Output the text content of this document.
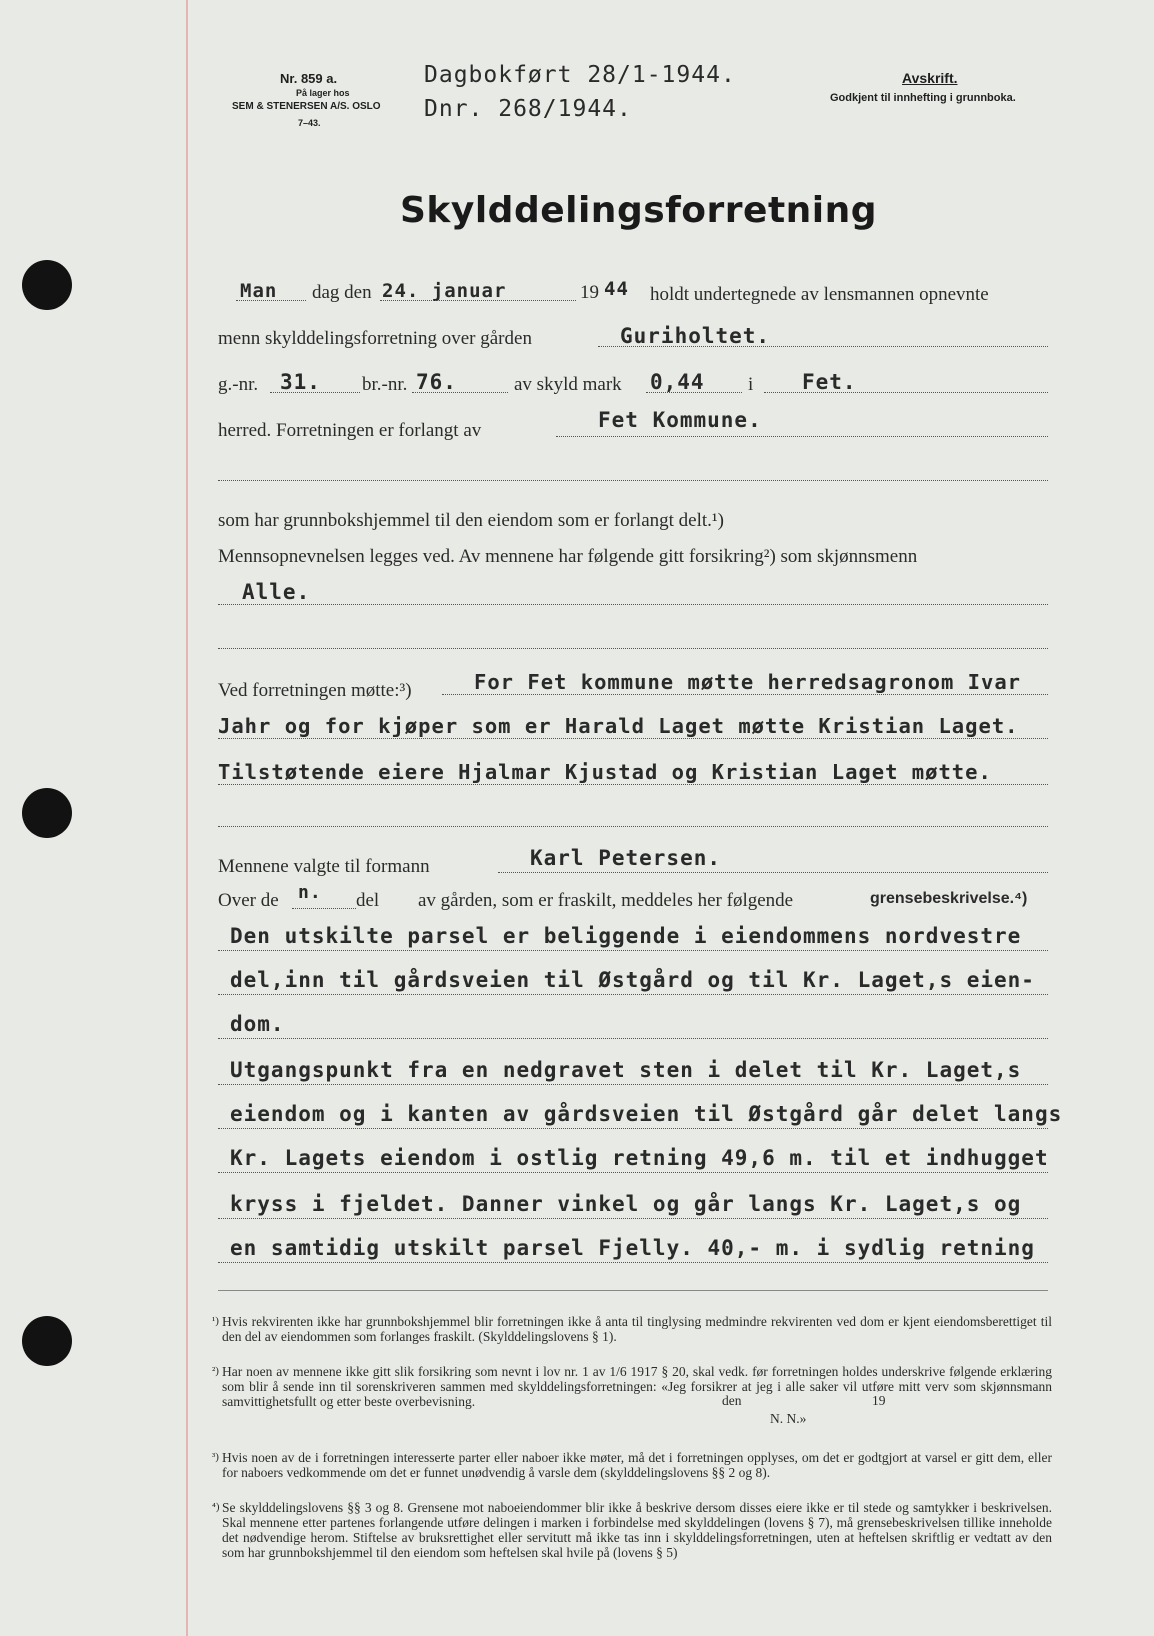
Nr. 859 a.
På lager hos
SEM & STENERSEN A/S. OSLO
7–43.
Dagbokført 28/1-1944.
Dnr. 268/1944.
Avskrift.
Godkjent til innhefting i grunnboka.
Skylddelingsforretning
Man dag den 24. januar	19 44 holdt undertegnede av lensmannen opnevnte
menn skylddelingsforretning over gården	Guriholtet.
g.-nr. 31. br.-nr. 76.	av skyld mark 0,44 i Fet.
herred. Forretningen er forlangt av	Fet Kommune.
som har grunnbokshjemmel til den eiendom som er forlangt delt.¹)
Mennsopnevnelsen legges ved. Av mennene har følgende gitt forsikring²) som skjønnsmenn
Alle.
Ved forretningen møtte:³)	For Fet kommune møtte herredsagronom Ivar
Jahr og for kjøper som er Harald Laget møtte Kristian Laget.
Tilstøtende eiere Hjalmar Kjustad og Kristian Laget møtte.
Mennene valgte til formann	Karl Petersen.
Over de n. del av gården, som er fraskilt, meddeles her følgende	grensebeskrivelse.⁴)
Den utskilte parsel er beliggende i eiendommens nordvestre
del,inn til gårdsveien til Østgård og til Kr. Laget,s eien-
dom.
Utgangspunkt fra en nedgravet sten i delet til Kr. Laget,s
eiendom og i kanten av gårdsveien til Østgård går delet langs
Kr. Lagets eiendom i ostlig retning 49,6 m. til et indhugget
kryss i fjeldet. Danner vinkel og går langs Kr. Laget,s og
en samtidig utskilt parsel Fjelly. 40,- m. i sydlig retning
¹) Hvis rekvirenten ikke har grunnbokshjemmel blir forretningen ikke å anta til tinglysing medmindre rekvirenten ved dom er kjent eiendomsberettiget til den del av eiendommen som forlanges fraskilt. (Skylddelingslovens § 1).

²) Har noen av mennene ikke gitt slik forsikring som nevnt i lov nr. 1 av 1/6 1917 § 20, skal vedk. før forretningen holdes underskrive følgende erklæring som blir å sende inn til sorenskriveren sammen med skylddelingsforretningen: «Jeg forsikrer at jeg i alle saker vil utføre mitt verv som skjønnsmann samvittighetsfullt og etter beste overbevisning.	den	19
N. N.»
³) Hvis noen av de i forretningen interesserte parter eller naboer ikke møter, må det i forretningen opplyses, om det er godtgjort at varsel er gitt dem, eller for naboers vedkommende om det er funnet unødvendig å varsle dem (skylddelingslovens §§ 2 og 8).

⁴) Se skylddelingslovens §§ 3 og 8. Grensene mot naboeiendommer blir ikke å beskrive dersom disses eiere ikke er til stede og samtykker i beskrivelsen. Skal mennene etter partenes forlangende utføre delingen i marken i forbindelse med skylddelingen (lovens § 7), må grensebeskrivelsen tillike inneholde det nødvendige herom. Stiftelse av bruksrettighet eller servitutt må ikke tas inn i skylddelingsforretningen, uten at heftelsen skriftlig er vedtatt av den som har grunnbokshjemmel til den eiendom som heftelsen skal hvile på (lovens § 5)
